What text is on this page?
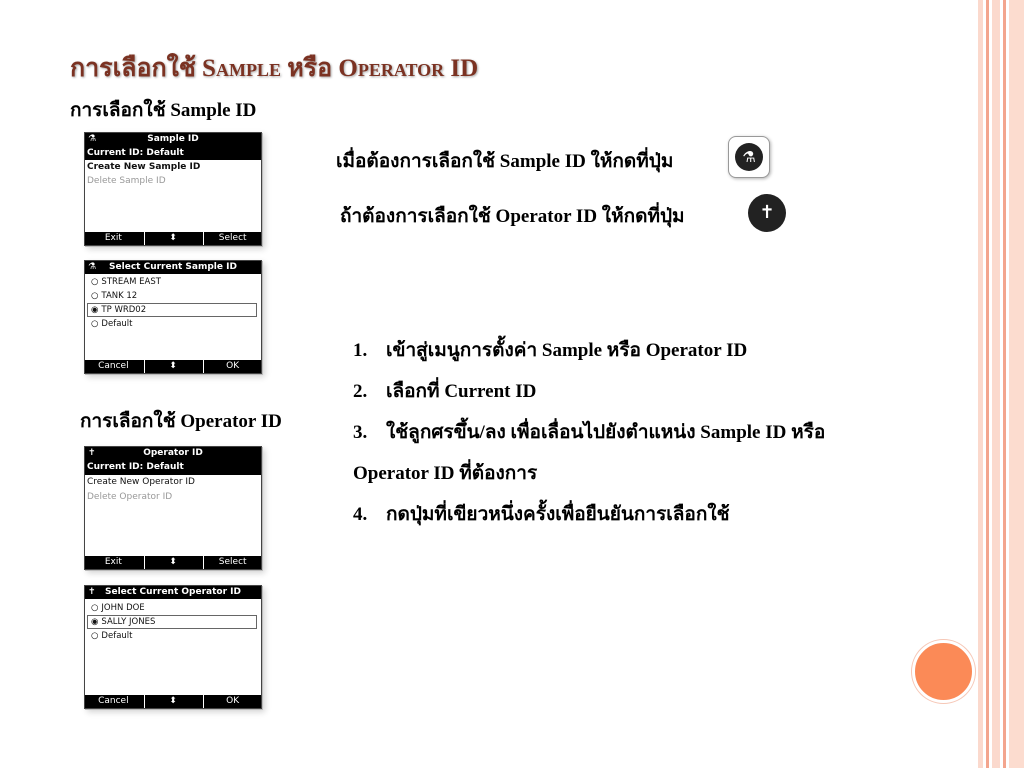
การเลือกใช้ Sample หรือ Operator ID
การเลือกใช้ Sample ID
⚗	Sample ID
Current ID: Default
Create New Sample ID
Delete Sample ID
Exit	⬍	Select
⚗ Select Current Sample ID
○ STREAM EAST
○ TANK 12
◉ TP WRD02
○ Default
Cancel	⬍	OK
การเลือกใช้ Operator ID
✝	Operator ID
Current ID: Default
Create New Operator ID
Delete Operator ID
Exit	⬍	Select
✝ Select Current Operator ID
○ JOHN DOE
◉ SALLY JONES
○ Default
Cancel	⬍	OK
เมื่อต้องการเลือกใช้ Sample ID ให้กดที่ปุ่ม	⚗
ถ้าต้องการเลือกใช้ Operator ID ให้กดที่ปุ่ม	✝
1. เข้าสู่เมนูการตั้งค่า Sample หรือ Operator ID
2. เลือกที่ Current ID
3. ใช้ลูกศรขึ้น/ลง เพื่อเลื่อนไปยังตำแหน่ง Sample ID หรือ
Operator ID ที่ต้องการ
4. กดปุ่มที่เขียวหนึ่งครั้งเพื่อยืนยันการเลือกใช้
